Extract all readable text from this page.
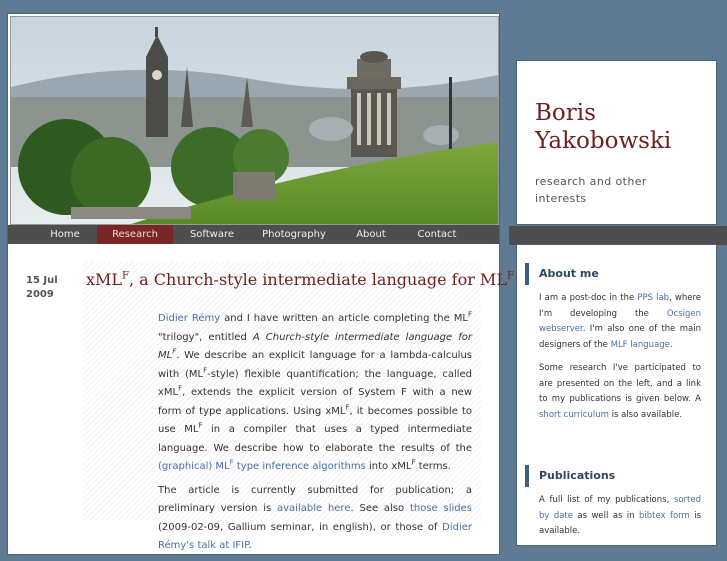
Home	Research	Software	Photography	About	Contact
15 Jul
2009
xML$^F$, a Church-style intermediate language for $ML^F$

Didier Rémy and I have written an article completing the $ML^F$ "trilogy", entitled A Church-style intermediate language for $ML^F$. We describe an explicit language for a lambda-calculus with $(ML^F-style)$ flexible quantification; the language, called xML$^F$, extends the explicit version of System F with a new form of type applications. Using xML$^F$, it becomes possible to use $ML^F$ in a compiler that uses a typed intermediate language. We describe how to elaborate the results of the (graphical) $ML^F$ type inference algorithms into xML$^F$ terms.

The article is currently submitted for publication; a preliminary version is available here. See also those slides (2009-02-09, Gallium seminar, in english), or those of Didier Rémy's talk at IFIP.

Boris
Yakobowski
research and other interests
About me

I am a post-doc in the PPS lab, where I'm developing the Ocsigen webserver. I'm also one of the main designers of the MLF language.

Some research I've participated to are presented on the left, and a link to my publications is given below. A short curriculum is also available.

Publications

A full list of my publications, sorted by date as well as in bibtex form is available.
